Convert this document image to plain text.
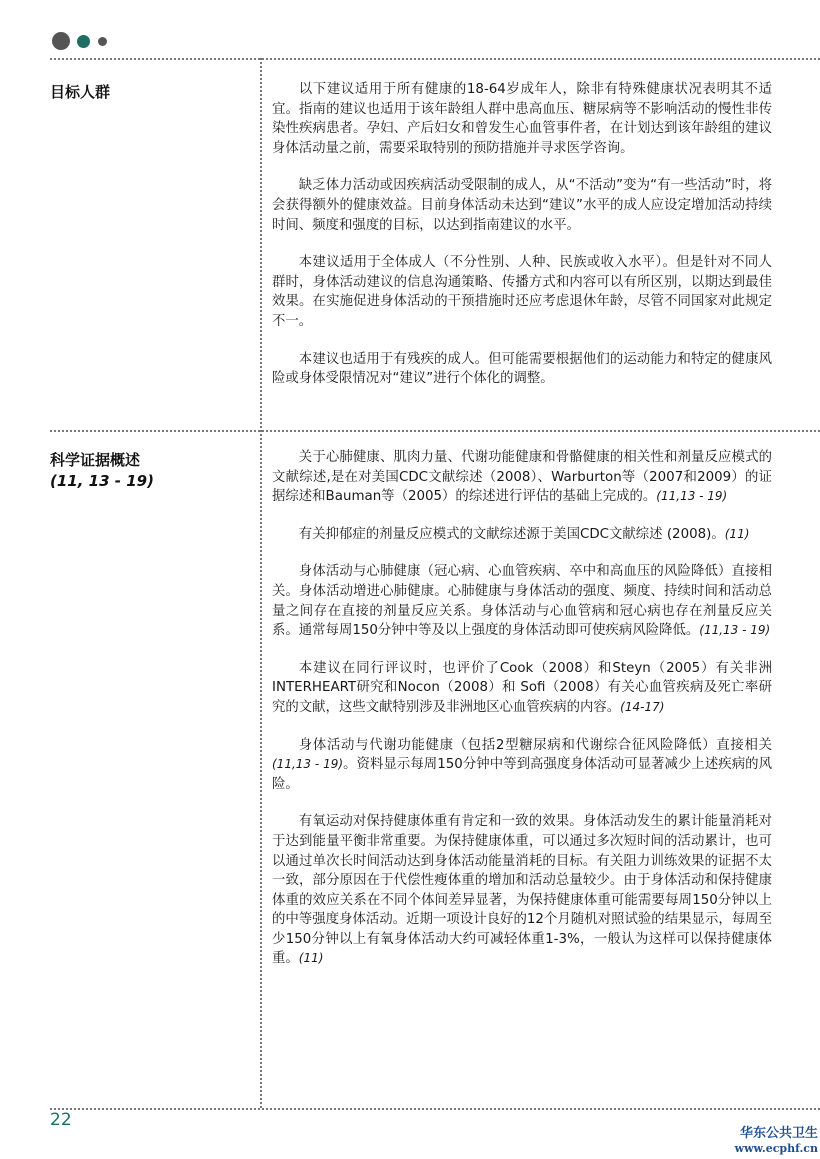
目标人群	以下建议适用于所有健康的18-64岁成年人，除非有特殊健康状况表明其不适宜。指南的建议也适用于该年龄组人群中患高血压、糖尿病等不影响活动的慢性非传染性疾病患者。孕妇、产后妇女和曾发生心血管事件者，在计划达到该年龄组的建议身体活动量之前，需要采取特别的预防措施并寻求医学咨询。

缺乏体力活动或因疾病活动受限制的成人，从“不活动”变为“有一些活动”时，将会获得额外的健康效益。目前身体活动未达到“建议”水平的成人应设定增加活动持续时间、频度和强度的目标，以达到指南建议的水平。

本建议适用于全体成人（不分性别、人种、民族或收入水平）。但是针对不同人群时，身体活动建议的信息沟通策略、传播方式和内容可以有所区别，以期达到最佳效果。在实施促进身体活动的干预措施时还应考虑退休年龄，尽管不同国家对此规定不一。

本建议也适用于有残疾的成人。但可能需要根据他们的运动能力和特定的健康风险或身体受限情况对“建议”进行个体化的调整。

科学证据概述
(11, 13 - 19)

关于心肺健康、肌肉力量、代谢功能健康和骨骼健康的相关性和剂量反应模式的文献综述,是在对美国CDC文献综述（2008）、Warburton等（2007和2009）的证据综述和Bauman等（2005）的综述进行评估的基础上完成的。(11,13 - 19)

有关抑郁症的剂量反应模式的文献综述源于美国CDC文献综述 (2008)。(11)

身体活动与心肺健康（冠心病、心血管疾病、卒中和高血压的风险降低）直接相关。身体活动增进心肺健康。心肺健康与身体活动的强度、频度、持续时间和活动总量之间存在直接的剂量反应关系。身体活动与心血管病和冠心病也存在剂量反应关系。通常每周150分钟中等及以上强度的身体活动即可使疾病风险降低。(11,13 - 19)

本建议在同行评议时，也评价了Cook（2008）和Steyn（2005）有关非洲INTERHEART研究和Nocon（2008）和 Sofi（2008）有关心血管疾病及死亡率研究的文献，这些文献特别涉及非洲地区心血管疾病的内容。(14-17)

身体活动与代谢功能健康（包括2型糖尿病和代谢综合征风险降低）直接相关 (11,13 - 19)。资料显示每周150分钟中等到高强度身体活动可显著减少上述疾病的风险。

有氧运动对保持健康体重有肯定和一致的效果。身体活动发生的累计能量消耗对于达到能量平衡非常重要。为保持健康体重，可以通过多次短时间的活动累计，也可以通过单次长时间活动达到身体活动能量消耗的目标。有关阻力训练效果的证据不太一致，部分原因在于代偿性瘦体重的增加和活动总量较少。由于身体活动和保持健康体重的效应关系在不同个体间差异显著，为保持健康体重可能需要每周150分钟以上的中等强度身体活动。近期一项设计良好的12个月随机对照试验的结果显示，每周至少150分钟以上有氧身体活动大约可减轻体重1-3%，一般认为这样可以保持健康体重。(11)

22
华东公共卫生
www.ecphf.cn
